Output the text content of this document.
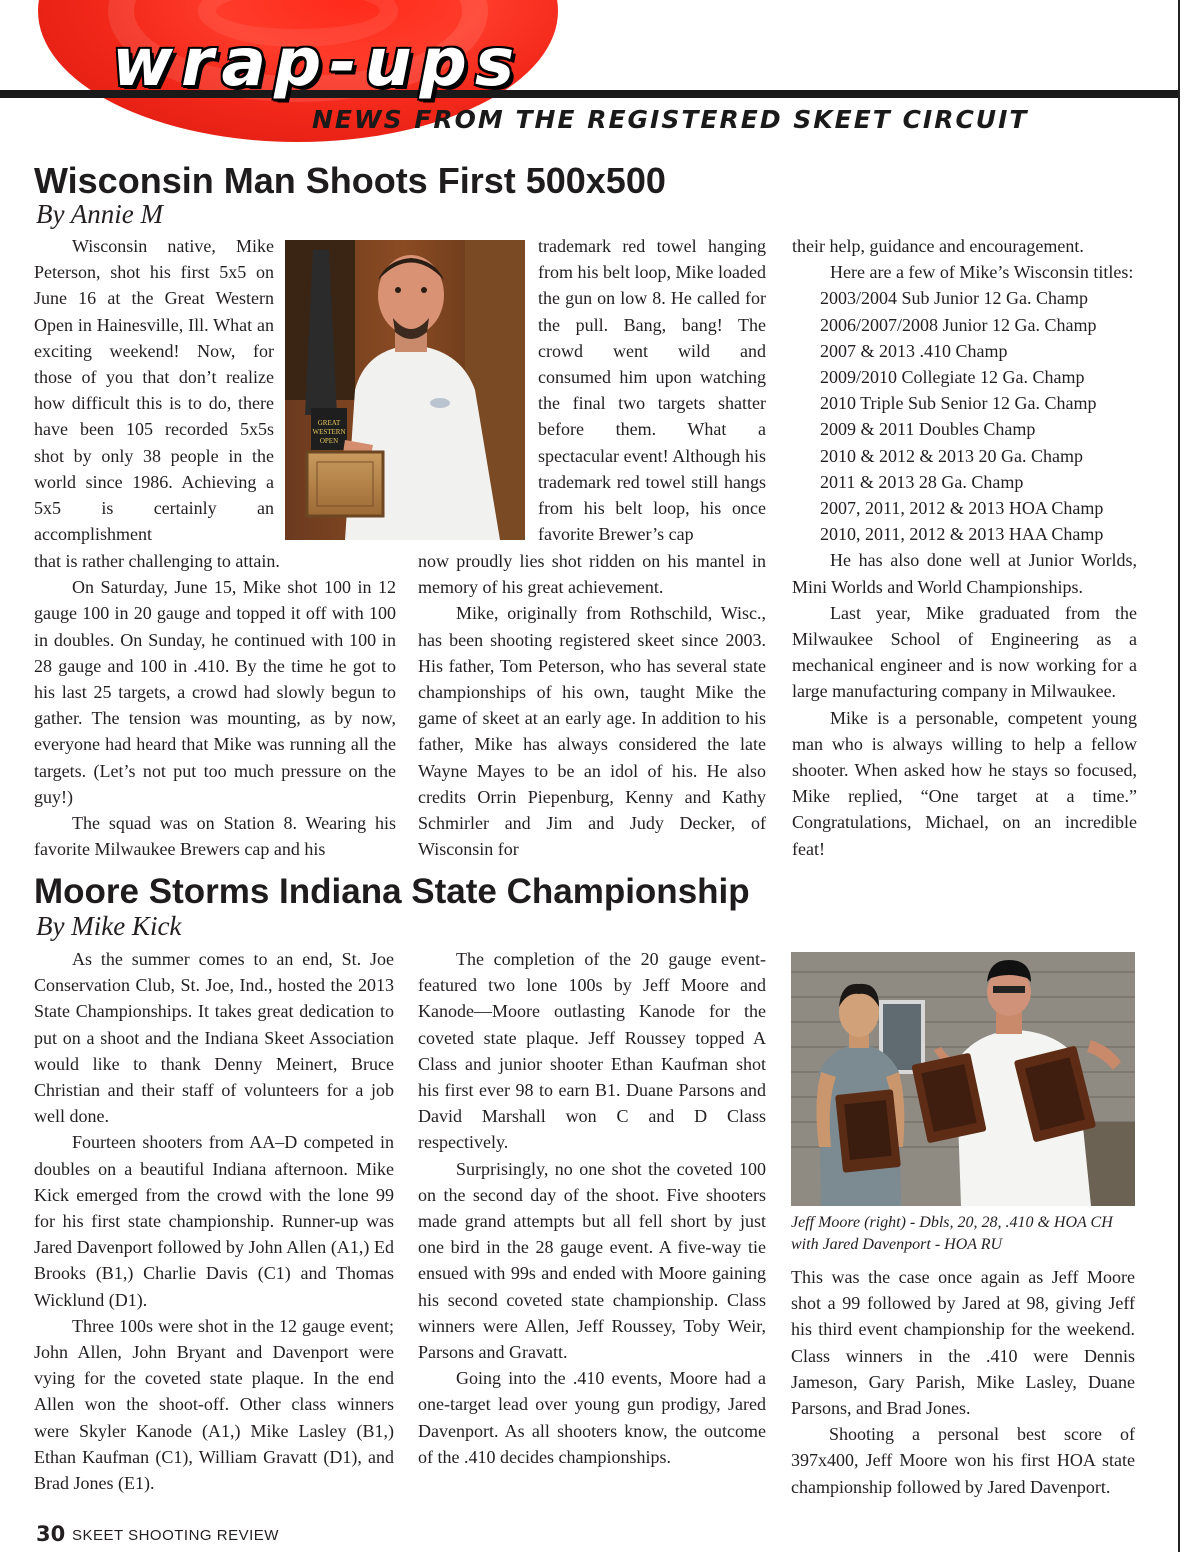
wrap-ups
NEWS FROM THE REGISTERED SKEET CIRCUIT
Wisconsin Man Shoots First 500x500
By Annie M
GREAT
WESTERN
OPEN

Wisconsin native, Mike Peterson, shot his first 5x5 on June 16 at the Great Western Open in Hainesville, Ill. What an exciting weekend! Now, for those of you that don’t realize how difficult this is to do, there have been 105 recorded 5x5s shot by only 38 people in the world since 1986. Achieving a 5x5 is certainly an accomplishment

that is rather challenging to attain.

On Saturday, June 15, Mike shot 100 in 12 gauge 100 in 20 gauge and topped it off with 100 in doubles. On Sunday, he continued with 100 in 28 gauge and 100 in .410. By the time he got to his last 25 targets, a crowd had slowly begun to gather. The tension was mounting, as by now, everyone had heard that Mike was running all the targets. (Let’s not put too much pressure on the guy!)

The squad was on Station 8. Wearing his favorite Milwaukee Brewers cap and his

trademark red towel hanging from his belt loop, Mike loaded the gun on low 8. He called for the pull. Bang, bang! The crowd went wild and consumed him upon watching the final two targets shatter before them. What a spectacular event! Although his trademark red towel still hangs from his belt loop, his once favorite Brewer’s cap

now proudly lies shot ridden on his mantel in memory of his great achievement.

Mike, originally from Rothschild, Wisc., has been shooting registered skeet since 2003. His father, Tom Peterson, who has several state championships of his own, taught Mike the game of skeet at an early age. In addition to his father, Mike has always considered the late Wayne Mayes to be an idol of his. He also credits Orrin Piepenburg, Kenny and Kathy Schmirler and Jim and Judy Decker, of Wisconsin for

their help, guidance and encouragement.

Here are a few of Mike’s Wisconsin titles:

2003/2004 Sub Junior 12 Ga. Champ
2006/2007/2008 Junior 12 Ga. Champ
2007 & 2013 .410 Champ
2009/2010 Collegiate 12 Ga. Champ
2010 Triple Sub Senior 12 Ga. Champ
2009 & 2011 Doubles Champ
2010 & 2012 & 2013 20 Ga. Champ
2011 & 2013 28 Ga. Champ
2007, 2011, 2012 & 2013 HOA Champ
2010, 2011, 2012 & 2013 HAA Champ

He has also done well at Junior Worlds, Mini Worlds and World Championships.

Last year, Mike graduated from the Milwaukee School of Engineering as a mechanical engineer and is now working for a large manufacturing company in Milwaukee.

Mike is a personable, competent young man who is always willing to help a fellow shooter. When asked how he stays so focused, Mike replied, “One target at a time.” Congratulations, Michael, on an incredible feat!

Moore Storms Indiana State Championship
By Mike Kick

As the summer comes to an end, St. Joe Conservation Club, St. Joe, Ind., hosted the 2013 State Championships. It takes great dedication to put on a shoot and the Indiana Skeet Association would like to thank Denny Meinert, Bruce Christian and their staff of volunteers for a job well done.

Fourteen shooters from AA–D competed in doubles on a beautiful Indiana afternoon. Mike Kick emerged from the crowd with the lone 99 for his first state championship. Runner-up was Jared Davenport followed by John Allen (A1,) Ed Brooks (B1,) Charlie Davis (C1) and Thomas Wicklund (D1).

Three 100s were shot in the 12 gauge event; John Allen, John Bryant and Davenport were vying for the coveted state plaque. In the end Allen won the shoot-off. Other class winners were Skyler Kanode (A1,) Mike Lasley (B1,) Ethan Kaufman (C1), William Gravatt (D1), and Brad Jones (E1).

The completion of the 20 gauge event-featured two lone 100s by Jeff Moore and Kanode—Moore outlasting Kanode for the coveted state plaque. Jeff Roussey topped A Class and junior shooter Ethan Kaufman shot his first ever 98 to earn B1. Duane Parsons and David Marshall won C and D Class respectively.

Surprisingly, no one shot the coveted 100 on the second day of the shoot. Five shooters made grand attempts but all fell short by just one bird in the 28 gauge event. A five-way tie ensued with 99s and ended with Moore gaining his second coveted state championship. Class winners were Allen, Jeff Roussey, Toby Weir, Parsons and Gravatt.

Going into the .410 events, Moore had a one-target lead over young gun prodigy, Jared Davenport. As all shooters know, the outcome of the .410 decides championships.

Jeff Moore (right) - Dbls, 20, 28, .410 & HOA CH with Jared Davenport - HOA RU

This was the case once again as Jeff Moore shot a 99 followed by Jared at 98, giving Jeff his third event championship for the weekend. Class winners in the .410 were Dennis Jameson, Gary Parish, Mike Lasley, Duane Parsons, and Brad Jones.

Shooting a personal best score of 397x400, Jeff Moore won his first HOA state championship followed by Jared Davenport.

30 SKEET SHOOTING REVIEW
